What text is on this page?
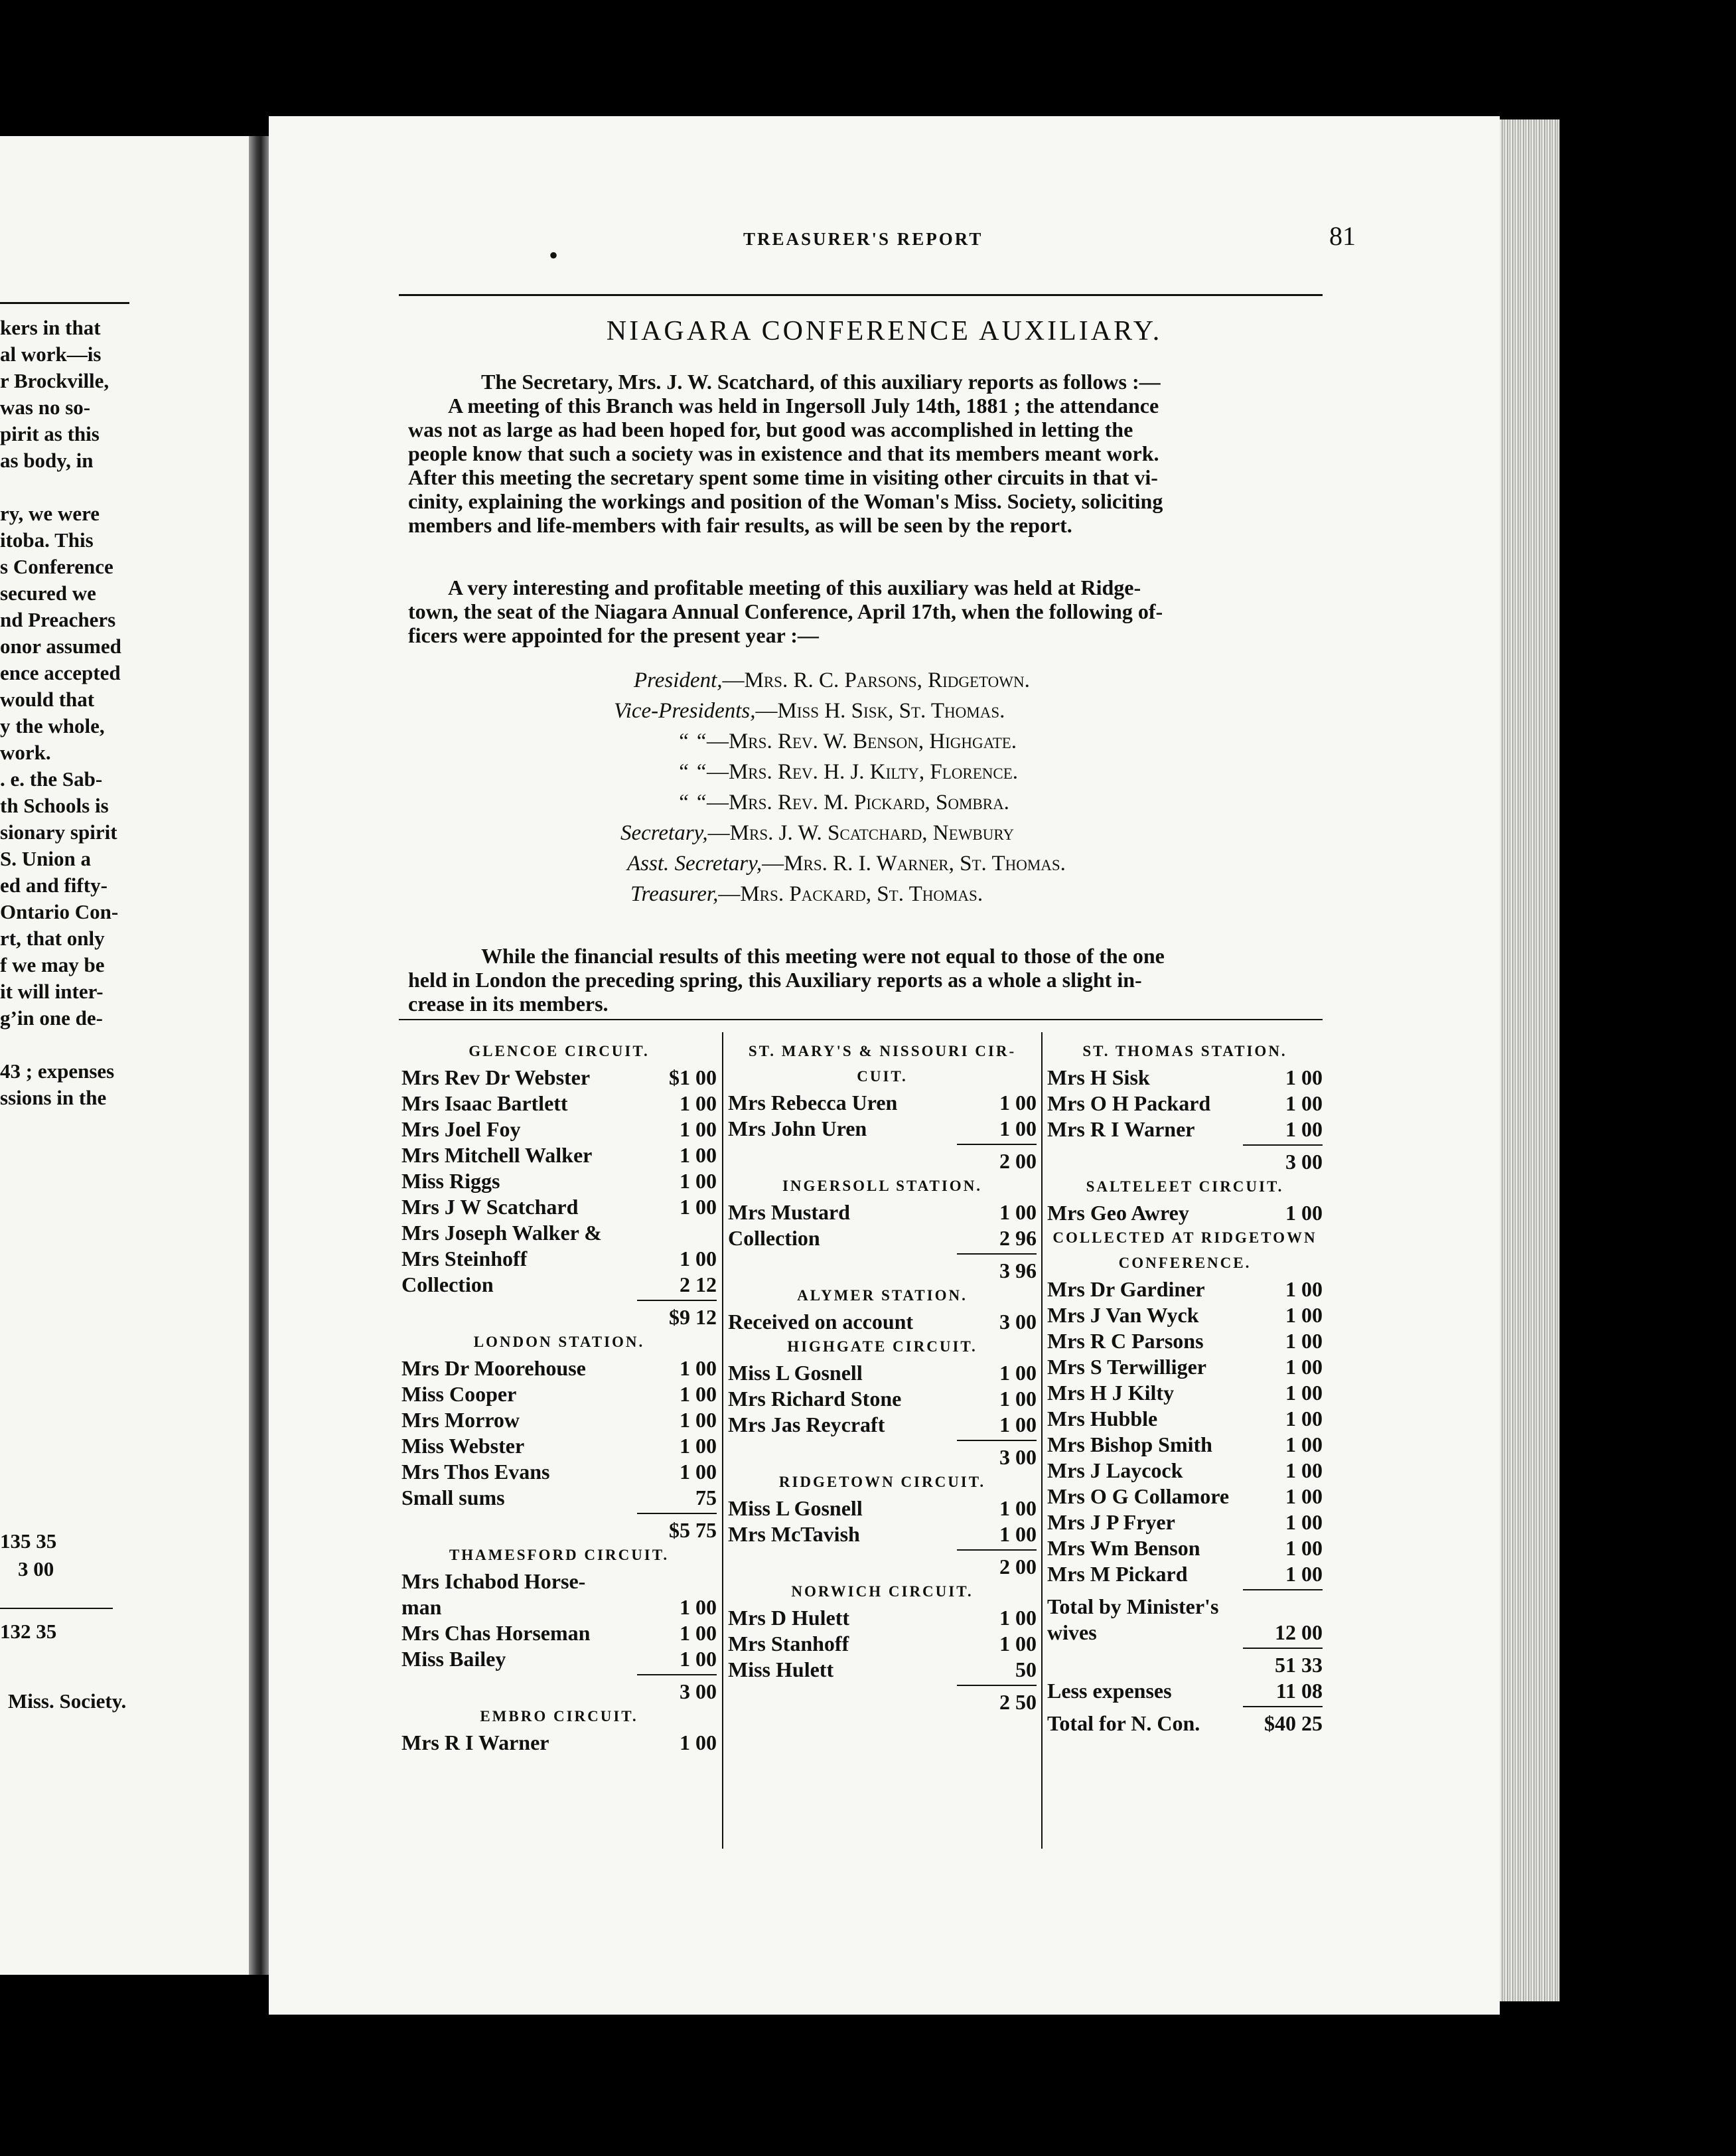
kers in that
al work—is
r Brockville,
was no so-
pirit as this
as body, in
ry, we were
itoba. This
s Conference
secured we
nd Preachers
onor assumed
ence accepted
would that
y the whole,
work.
. e. the Sab-
th Schools is
sionary spirit
S. Union a
ed and fifty-
Ontario Con-
rt, that only
f we may be
it will inter-
g’in one de-
43 ; expenses
ssions in the
135 35
3 00
132 35
Miss. Society.
•
TREASURER'S REPORT	81
NIAGARA CONFERENCE AUXILIARY.
The Secretary, Mrs. J. W. Scatchard, of this auxiliary reports as follows :—
A meeting of this Branch was held in Ingersoll July 14th, 1881 ; the attendance
was not as large as had been hoped for, but good was accomplished in letting the
people know that such a society was in existence and that its members meant work.
After this meeting the secretary spent some time in visiting other circuits in that vi-
cinity, explaining the workings and position of the Woman's Miss. Society, soliciting
members and life-members with fair results, as will be seen by the report.
A very interesting and profitable meeting of this auxiliary was held at Ridge-
town, the seat of the Niagara Annual Conference, April 17th, when the following of-
ficers were appointed for the present year :—
President,—Mrs. R. C. Parsons, Ridgetown.
Vice-Presidents,—Miss H. Sisk, St. Thomas.
“ “—Mrs. Rev. W. Benson, Highgate.
“ “—Mrs. Rev. H. J. Kilty, Florence.
“ “—Mrs. Rev. M. Pickard, Sombra.
Secretary,—Mrs. J. W. Scatchard, Newbury
Asst. Secretary,—Mrs. R. I. Warner, St. Thomas.
Treasurer,—Mrs. Packard, St. Thomas.
While the financial results of this meeting were not equal to those of the one
held in London the preceding spring, this Auxiliary reports as a whole a slight in-
crease in its members.
GLENCOE CIRCUIT.
Mrs Rev Dr Webster	$1 00
Mrs Isaac Bartlett	1 00
Mrs Joel Foy	1 00
Mrs Mitchell Walker	1 00
Miss Riggs	1 00
Mrs J W Scatchard	1 00
Mrs Joseph Walker &
Mrs Steinhoff	1 00
Collection	2 12
$9 12
LONDON STATION.
Mrs Dr Moorehouse	1 00
Miss Cooper	1 00
Mrs Morrow	1 00
Miss Webster	1 00
Mrs Thos Evans	1 00
Small sums	75
$5 75
THAMESFORD CIRCUIT.
Mrs Ichabod Horse-
man	1 00
Mrs Chas Horseman	1 00
Miss Bailey	1 00
3 00
EMBRO CIRCUIT.
Mrs R I Warner	1 00
ST. MARY'S & NISSOURI CIR-
CUIT.
Mrs Rebecca Uren	1 00
Mrs John Uren	1 00
2 00
INGERSOLL STATION.
Mrs Mustard	1 00
Collection	2 96
3 96
ALYMER STATION.
Received on account	3 00
HIGHGATE CIRCUIT.
Miss L Gosnell	1 00
Mrs Richard Stone	1 00
Mrs Jas Reycraft	1 00
3 00
RIDGETOWN CIRCUIT.
Miss L Gosnell	1 00
Mrs McTavish	1 00
2 00
NORWICH CIRCUIT.
Mrs D Hulett	1 00
Mrs Stanhoff	1 00
Miss Hulett	50
2 50
ST. THOMAS STATION.
Mrs H Sisk	1 00
Mrs O H Packard	1 00
Mrs R I Warner	1 00
3 00
SALTELEET CIRCUIT.
Mrs Geo Awrey	1 00
COLLECTED AT RIDGETOWN
CONFERENCE.
Mrs Dr Gardiner	1 00
Mrs J Van Wyck	1 00
Mrs R C Parsons	1 00
Mrs S Terwilliger	1 00
Mrs H J Kilty	1 00
Mrs Hubble	1 00
Mrs Bishop Smith	1 00
Mrs J Laycock	1 00
Mrs O G Collamore	1 00
Mrs J P Fryer	1 00
Mrs Wm Benson	1 00
Mrs M Pickard	1 00
Total by Minister's
wives	12 00
51 33
Less expenses	11 08
Total for N. Con.	$40 25
